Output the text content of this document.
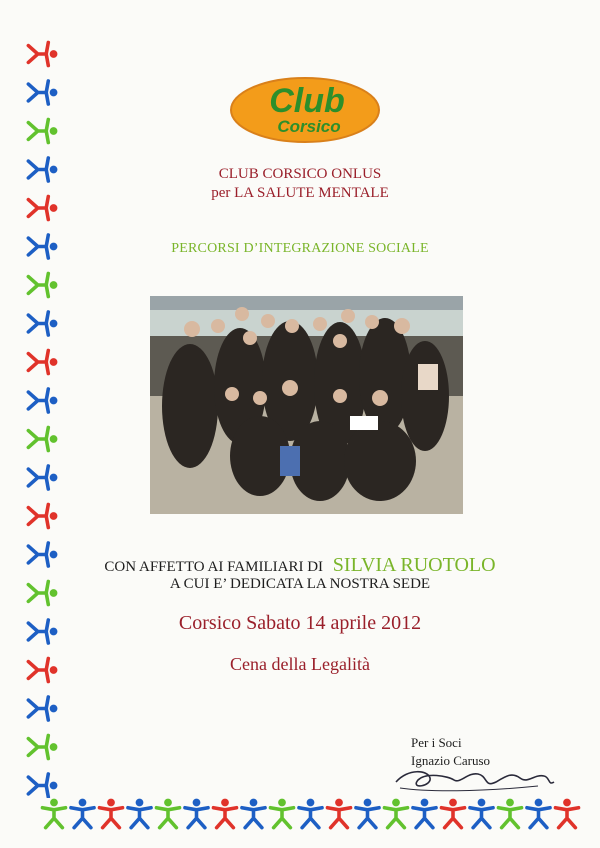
Club
Corsico

CLUB CORSICO ONLUS

per LA SALUTE MENTALE

PERCORSI D’INTEGRAZIONE SOCIALE

CON AFFETTO AI FAMILIARI DI SILVIA RUOTOLO

A CUI E’ DEDICATA LA NOSTRA SEDE

Corsico Sabato 14 aprile 2012

Cena della Legalità

Per i Soci
Ignazio Caruso
